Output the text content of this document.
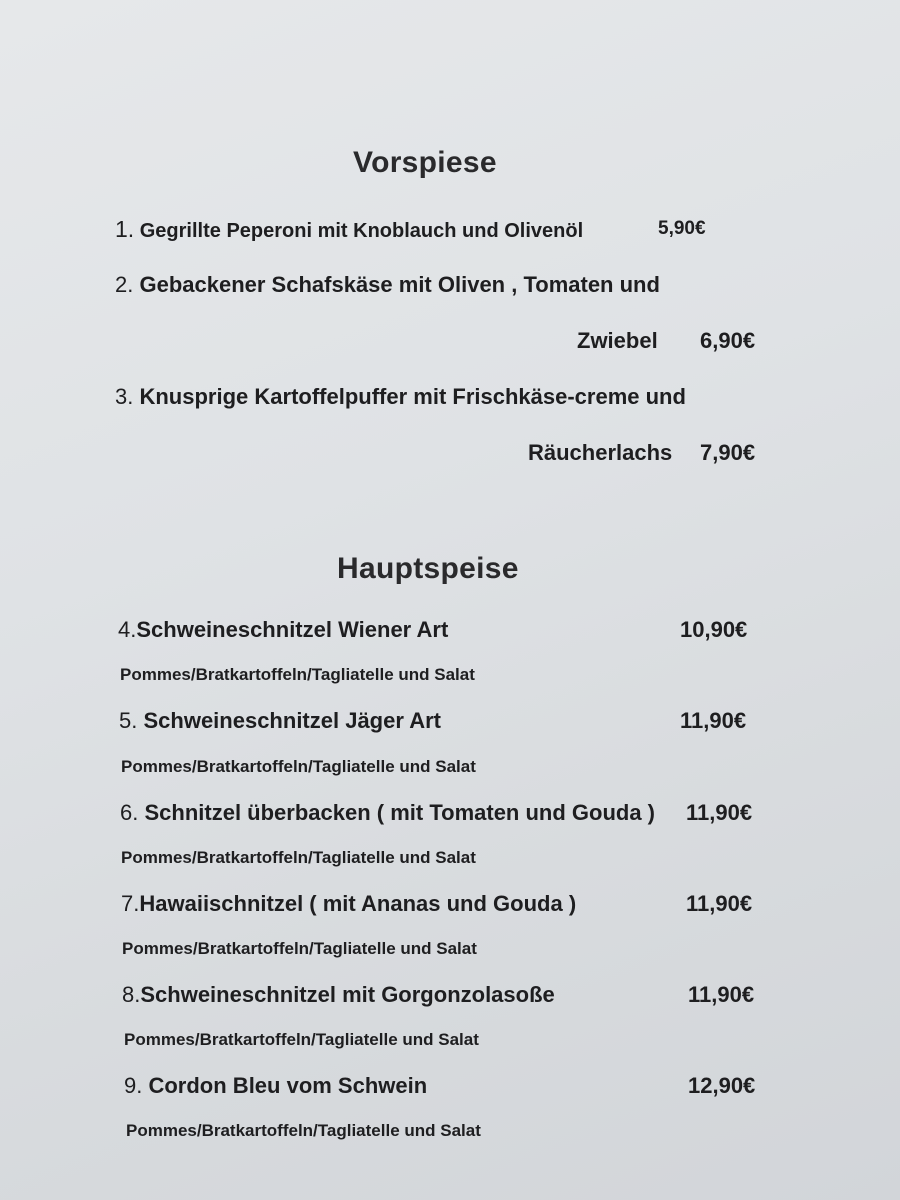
Vorspiese
1. Gegrillte Peperoni mit Knoblauch und Olivenöl	5,90€
2. Gebackener Schafskäse mit Oliven , Tomaten und
Zwiebel 6,90€
3. Knusprige Kartoffelpuffer mit Frischkäse-creme und
Räucherlachs 7,90€
Hauptspeise
4.Schweineschnitzel Wiener Art	10,90€
Pommes/Bratkartoffeln/Tagliatelle und Salat
5. Schweineschnitzel Jäger Art	11,90€
Pommes/Bratkartoffeln/Tagliatelle und Salat
6. Schnitzel überbacken ( mit Tomaten und Gouda ) 11,90€
Pommes/Bratkartoffeln/Tagliatelle und Salat
7.Hawaiischnitzel ( mit Ananas und Gouda )	11,90€
Pommes/Bratkartoffeln/Tagliatelle und Salat
8.Schweineschnitzel mit Gorgonzolasoße	11,90€
Pommes/Bratkartoffeln/Tagliatelle und Salat
9. Cordon Bleu vom Schwein	12,90€
Pommes/Bratkartoffeln/Tagliatelle und Salat
